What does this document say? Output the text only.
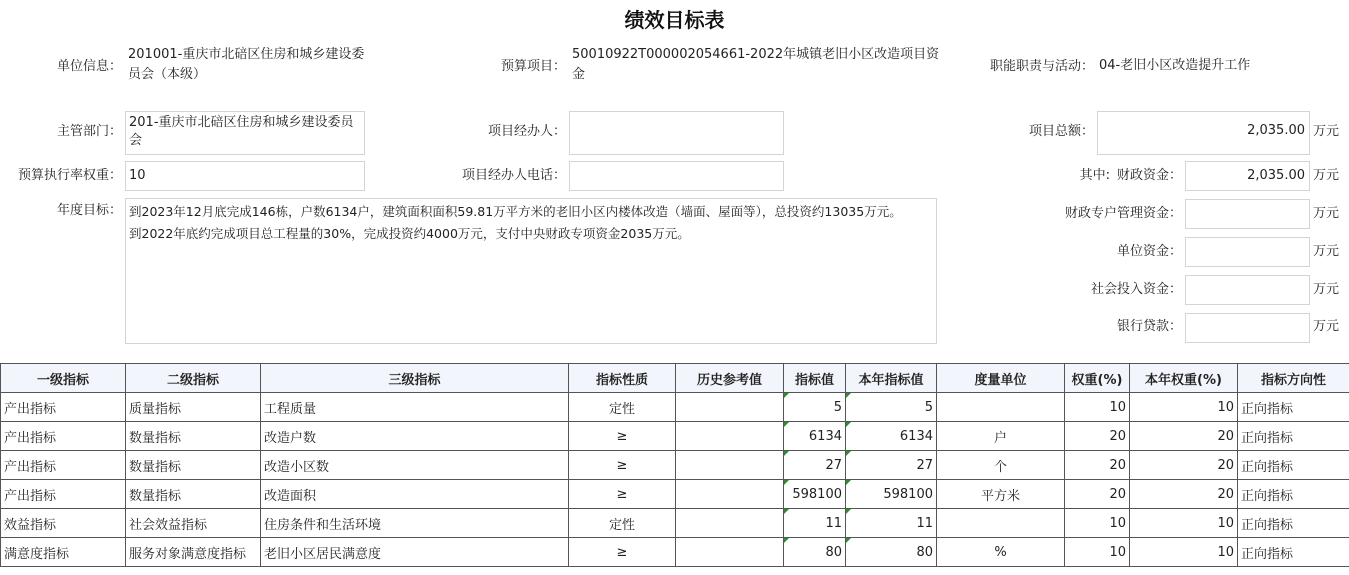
绩效目标表
单位信息：
201001-重庆市北碚区住房和城乡建设委员会（本级）
预算项目：
50010922T000002054661-2022年城镇老旧小区改造项目资金
职能职责与活动： 04-老旧小区改造提升工作
主管部门：
201-重庆市北碚区住房和城乡建设委员会
项目经办人：	项目总额：	2,035.00 万元
预算执行率权重： 10	项目经办人电话：	其中: 财政资金：	2,035.00 万元
年度目标： 到2023年12月底完成146栋，户数6134户，建筑面积面积59.81万平方米的老旧小区内楼体改造（墙面、屋面等），总投资约13035万元。
到2022年底约完成项目总工程量的30%，完成投资约4000万元，支付中央财政专项资金2035万元。
财政专户管理资金：	万元
单位资金：	万元
社会投入资金：	万元
银行贷款：	万元
一级指标	二级指标	三级指标	指标性质	历史参考值	指标值	本年指标值	度量单位	权重(%)	本年权重(%)	指标方向性
产出指标	质量指标	工程质量	定性		5	5		10	10	正向指标
产出指标	数量指标	改造户数	≥		6134	6134	户	20	20	正向指标
产出指标	数量指标	改造小区数	≥		27	27	个	20	20	正向指标
产出指标	数量指标	改造面积	≥		598100	598100	平方米	20	20	正向指标
效益指标	社会效益指标	住房条件和生活环境	定性		11	11		10	10	正向指标
满意度指标	服务对象满意度指标	老旧小区居民满意度	≥		80	80	%	10	10	正向指标
